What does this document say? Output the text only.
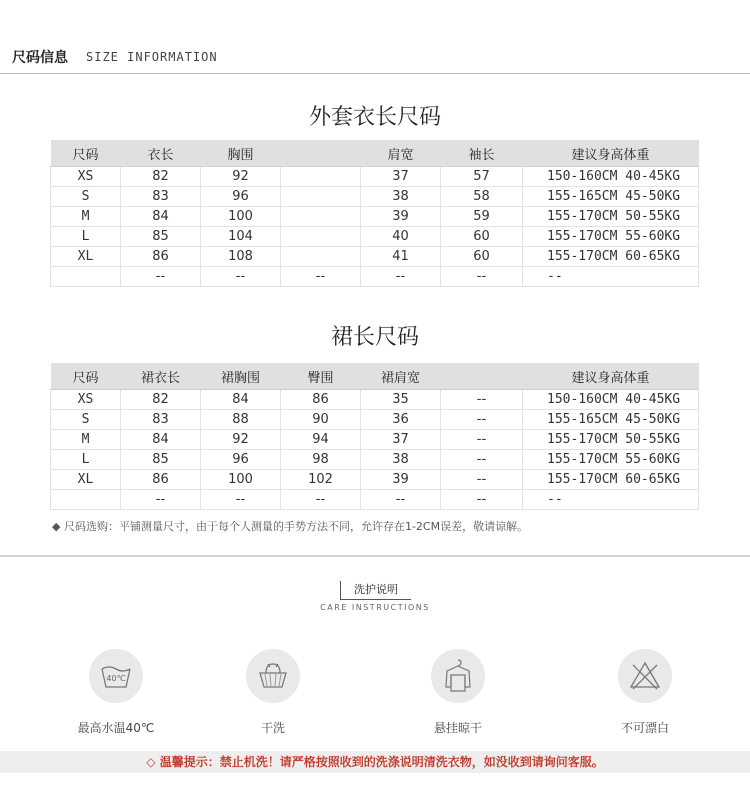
尺码信息 SIZE INFORMATION
外套衣长尺码
尺码	衣长	胸围		肩宽	袖长	建议身高体重
XS	82	92		37	57	150-160CM 40-45KG
S	83	96		38	58	155-165CM 45-50KG
M	84	100		39	59	155-170CM 50-55KG
L	85	104		40	60	155-170CM 55-60KG
XL	86	108		41	60	155-170CM 60-65KG
	--	--	--	--	--	--
裙长尺码
尺码	裙衣长	裙胸围	臀围	裙肩宽		建议身高体重
XS	82	84	86	35	--	150-160CM 40-45KG
S	83	88	90	36	--	155-165CM 45-50KG
M	84	92	94	37	--	155-170CM 50-55KG
L	85	96	98	38	--	155-170CM 55-60KG
XL	86	100	102	39	--	155-170CM 60-65KG
	--	--	--	--	--	--
◆ 尺码选购：平铺测量尺寸，由于每个人测量的手势方法不同，允许存在1-2CM误差，敬请谅解。
洗护说明
CARE INSTRUCTIONS
40℃
最高水温40℃	干洗	悬挂晾干	不可漂白
◇ 温馨提示：禁止机洗！请严格按照收到的洗涤说明清洗衣物，如没收到请询问客服。
